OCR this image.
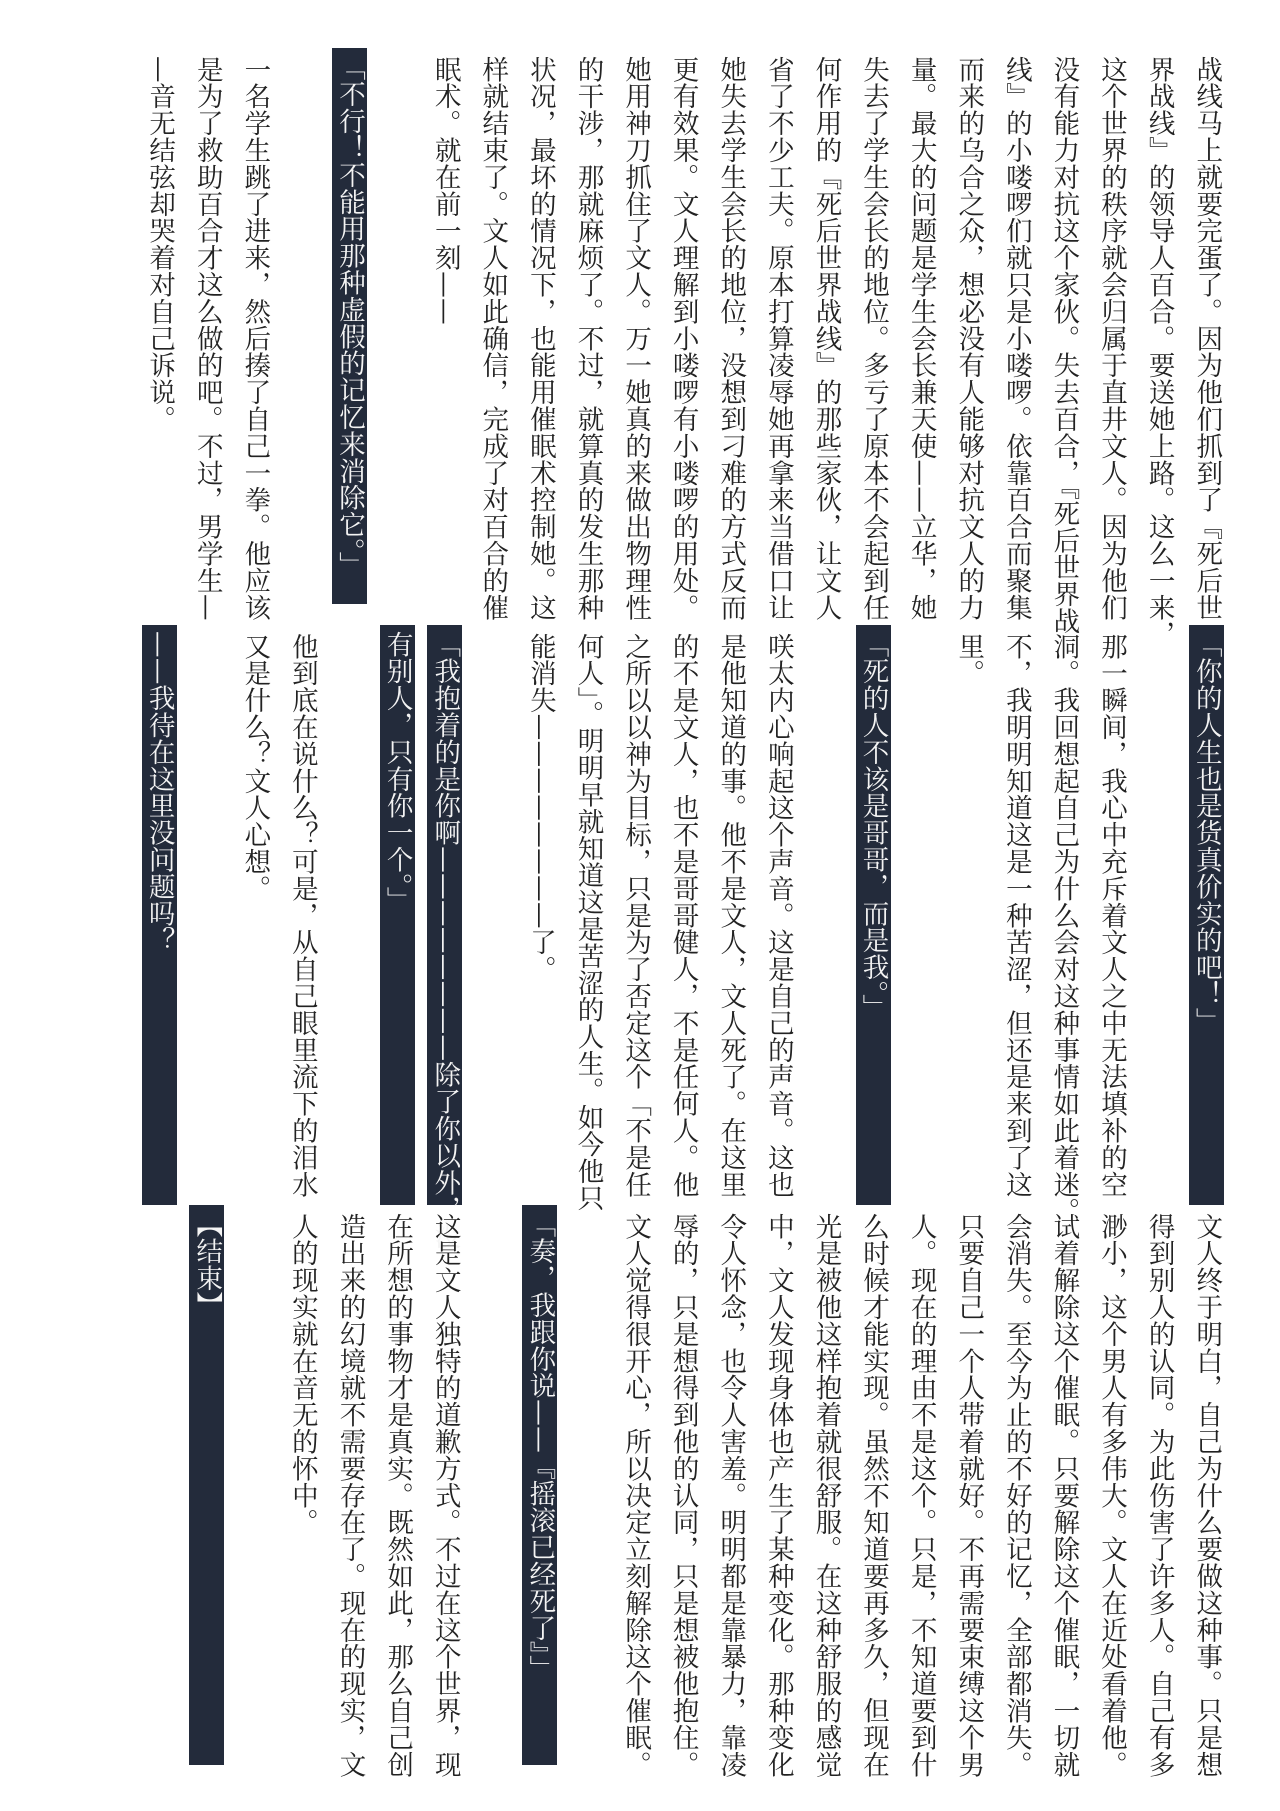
战线马上就要完蛋了。因为他们抓到了『死后世
界战线』的领导人百合。要送她上路。这么一来，
这个世界的秩序就会归属于直井文人。因为他们
没有能力对抗这个家伙。失去百合，『死后世界战
线』的小喽啰们就只是小喽啰。依靠百合而聚集
而来的乌合之众，想必没有人能够对抗文人的力
量。最大的问题是学生会长兼天使——立华，她
失去了学生会长的地位。多亏了原本不会起到任
何作用的『死后世界战线』的那些家伙，让文人
省了不少工夫。原本打算凌辱她再拿来当借口让
她失去学生会长的地位，没想到刁难的方式反而
更有效果。文人理解到小喽啰有小喽啰的用处。
她用神刀抓住了文人。万一她真的来做出物理性
的干涉，那就麻烦了。不过，就算真的发生那种
状况，最坏的情况下，也能用催眠术控制她。这
样就结束了。文人如此确信，完成了对百合的催
眠术。就在前一刻——
「不行！不能用那种虚假的记忆来消除它。」
一名学生跳了进来，然后揍了自己一拳。他应该
是为了救助百合才这么做的吧。不过，男学生—
—音无结弦却哭着对自己诉说。
「你的人生也是货真价实的吧！」
那一瞬间，我心中充斥着文人之中无法填补的空
洞。我回想起自己为什么会对这种事情如此着迷。
不，我明明知道这是一种苦涩，但还是来到了这
里。
「死的人不该是哥哥，而是我。」
咲太内心响起这个声音。这是自己的声音。这也
是他知道的事。他不是文人，文人死了。在这里
的不是文人，也不是哥哥健人，不是任何人。他
之所以以神为目标，只是为了否定这个「不是任
何人」。明明早就知道这是苦涩的人生。如今他只
能消失————————了。
「我抱着的是你啊————————除了你以外，没
有别人，只有你一个。」
他到底在说什么？可是，从自己眼里流下的泪水
又是什么？文人心想。
——我待在这里没问题吗？
文人终于明白，自己为什么要做这种事。只是想
得到别人的认同。为此伤害了许多人。自己有多
渺小，这个男人有多伟大。文人在近处看着他。
试着解除这个催眠。只要解除这个催眠，一切就
会消失。至今为止的不好的记忆，全部都消失。
只要自己一个人带着就好。不再需要束缚这个男
人。现在的理由不是这个。只是，不知道要到什
么时候才能实现。虽然不知道要再多久，但现在
光是被他这样抱着就很舒服。在这种舒服的感觉
中，文人发现身体也产生了某种变化。那种变化
令人怀念，也令人害羞。明明都是靠暴力，靠凌
辱的，只是想得到他的认同，只是想被他抱住。
文人觉得很开心，所以决定立刻解除这个催眠。
「奏，我跟你说——『摇滚已经死了』」
这是文人独特的道歉方式。不过在这个世界，现
在所想的事物才是真实。既然如此，那么自己创
造出来的幻境就不需要存在了。现在的现实，文
人的现实就在音无的怀中。
【结束】
